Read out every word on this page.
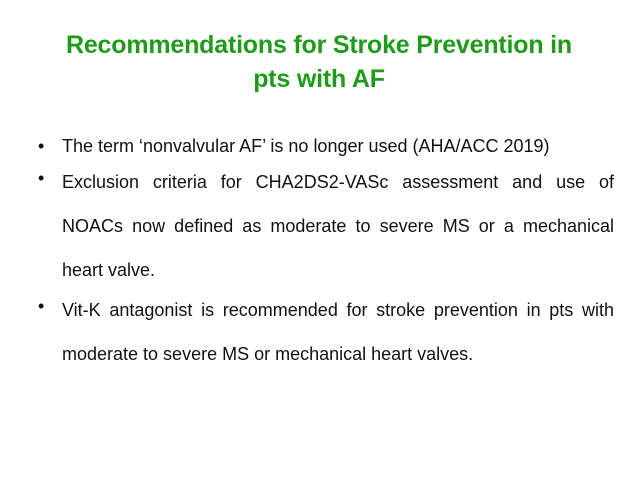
Recommendations for Stroke Prevention in
pts with AF
• The term ‘nonvalvular AF’ is no longer used (AHA/ACC 2019)
• Exclusion criteria for CHA2DS2-VASc assessment and use of NOACs now defined as moderate to severe MS or a mechanical heart valve.
• Vit-K antagonist is recommended for stroke prevention in pts with moderate to severe MS or mechanical heart valves.
